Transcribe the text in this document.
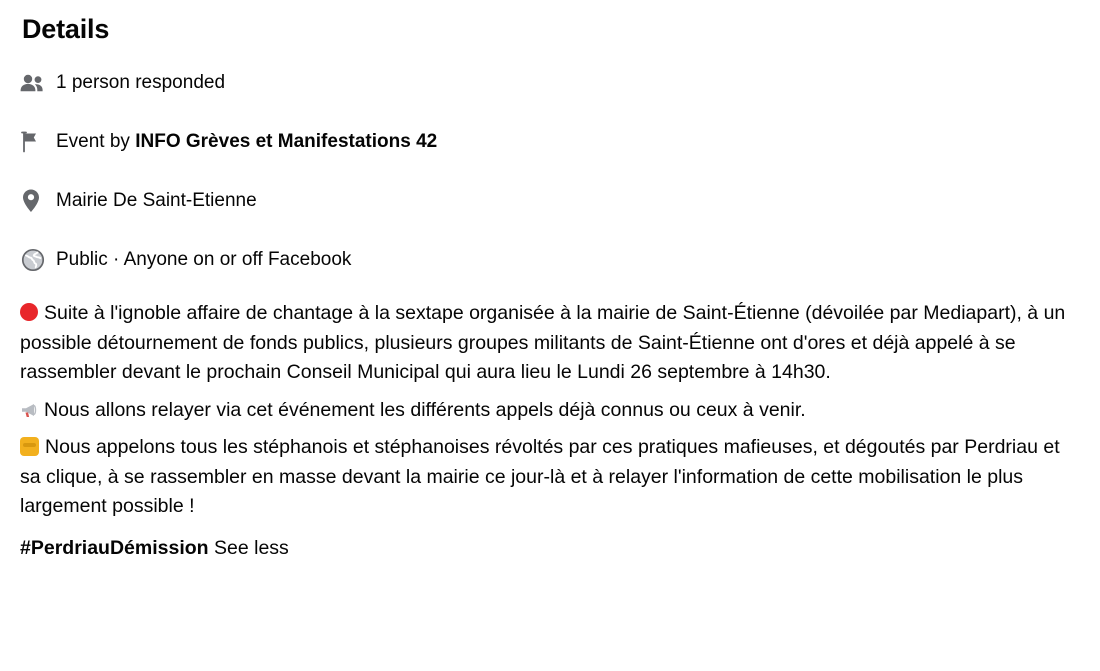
Details
1 person responded
Event by INFO Grèves et Manifestations 42
Mairie De Saint-Etienne
Public · Anyone on or off Facebook

Suite à l'ignoble affaire de chantage à la sextape organisée à la mairie de Saint-Étienne (dévoilée par Mediapart), à un possible détournement de fonds publics, plusieurs groupes militants de Saint-Étienne ont d'ores et déjà appelé à se rassembler devant le prochain Conseil Municipal qui aura lieu le Lundi 26 septembre à 14h30.

Nous allons relayer via cet événement les différents appels déjà connus ou ceux à venir.

Nous appelons tous les stéphanois et stéphanoises révoltés par ces pratiques mafieuses, et dégoutés par Perdriau et sa clique, à se rassembler en masse devant la mairie ce jour-là et à relayer l'information de cette mobilisation le plus largement possible !

#PerdriauDémission See less
